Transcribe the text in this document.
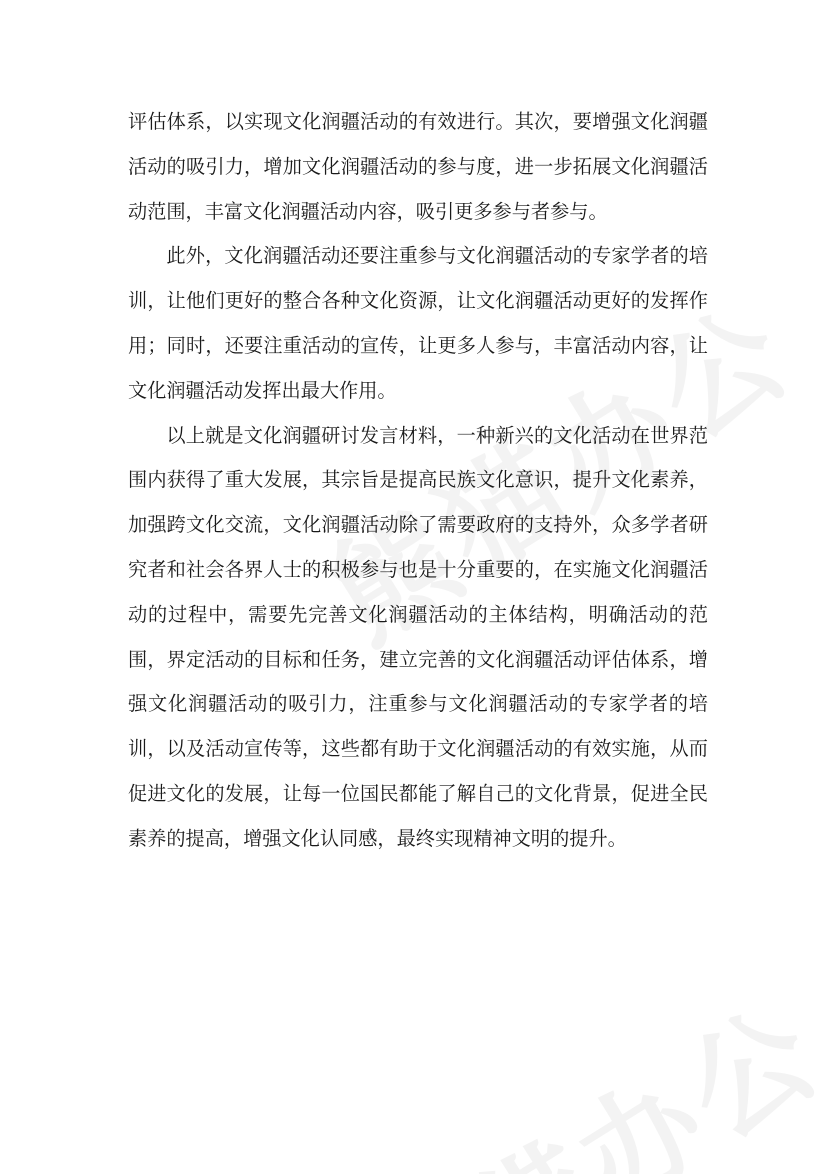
评估体系，以实现文化润疆活动的有效进行。其次，要增强文化润疆活动的吸引力，增加文化润疆活动的参与度，进一步拓展文化润疆活动范围，丰富文化润疆活动内容，吸引更多参与者参与。

此外，文化润疆活动还要注重参与文化润疆活动的专家学者的培训，让他们更好的整合各种文化资源，让文化润疆活动更好的发挥作用；同时，还要注重活动的宣传，让更多人参与，丰富活动内容，让文化润疆活动发挥出最大作用。

以上就是文化润疆研讨发言材料，一种新兴的文化活动在世界范围内获得了重大发展，其宗旨是提高民族文化意识，提升文化素养，加强跨文化交流，文化润疆活动除了需要政府的支持外，众多学者研究者和社会各界人士的积极参与也是十分重要的，在实施文化润疆活动的过程中，需要先完善文化润疆活动的主体结构，明确活动的范围，界定活动的目标和任务，建立完善的文化润疆活动评估体系，增强文化润疆活动的吸引力，注重参与文化润疆活动的专家学者的培训，以及活动宣传等，这些都有助于文化润疆活动的有效实施，从而促进文化的发展，让每一位国民都能了解自己的文化背景，促进全民素养的提高，增强文化认同感，最终实现精神文明的提升。
